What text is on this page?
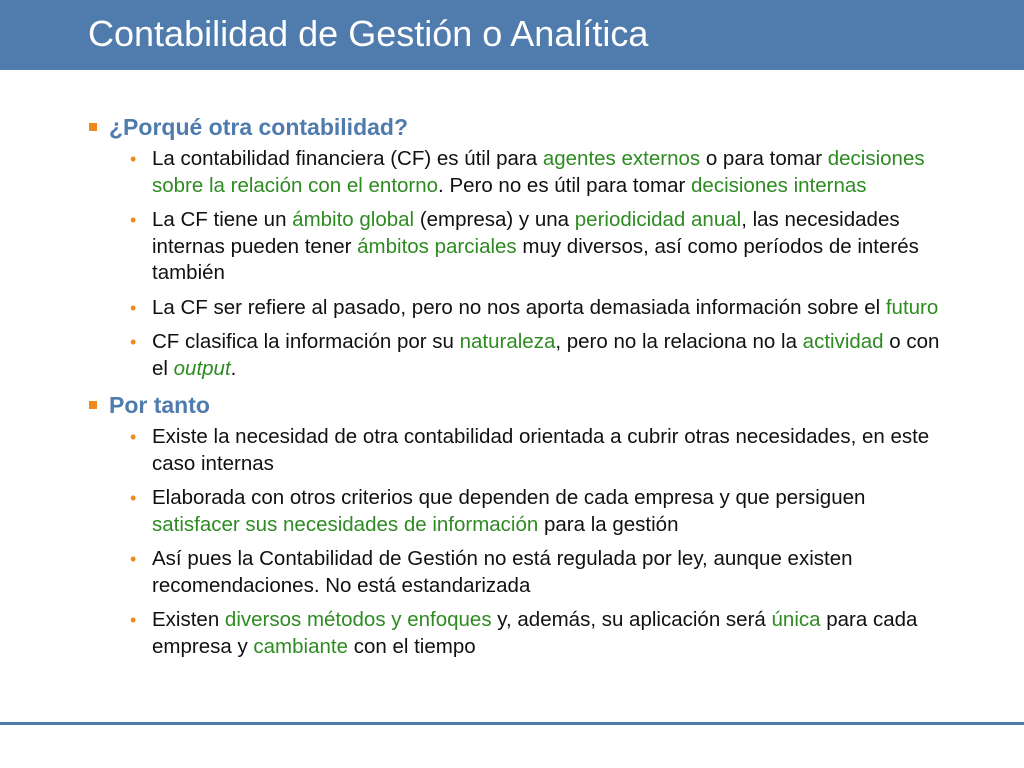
Contabilidad de Gestión o Analítica
¿Porqué otra contabilidad?
• La contabilidad financiera (CF) es útil para agentes externos o para tomar decisiones sobre la relación con el entorno. Pero no es útil para tomar decisiones internas
• La CF tiene un ámbito global (empresa) y una periodicidad anual, las necesidades internas pueden tener ámbitos parciales muy diversos, así como períodos de interés también
• La CF ser refiere al pasado, pero no nos aporta demasiada información sobre el futuro
• CF clasifica la información por su naturaleza, pero no la relaciona no la actividad o con el output.
Por tanto
• Existe la necesidad de otra contabilidad orientada a cubrir otras necesidades, en este caso internas
• Elaborada con otros criterios que dependen de cada empresa y que persiguen satisfacer sus necesidades de información para la gestión
• Así pues la Contabilidad de Gestión no está regulada por ley, aunque existen recomendaciones. No está estandarizada
• Existen diversos métodos y enfoques y, además, su aplicación será única para cada empresa y cambiante con el tiempo
